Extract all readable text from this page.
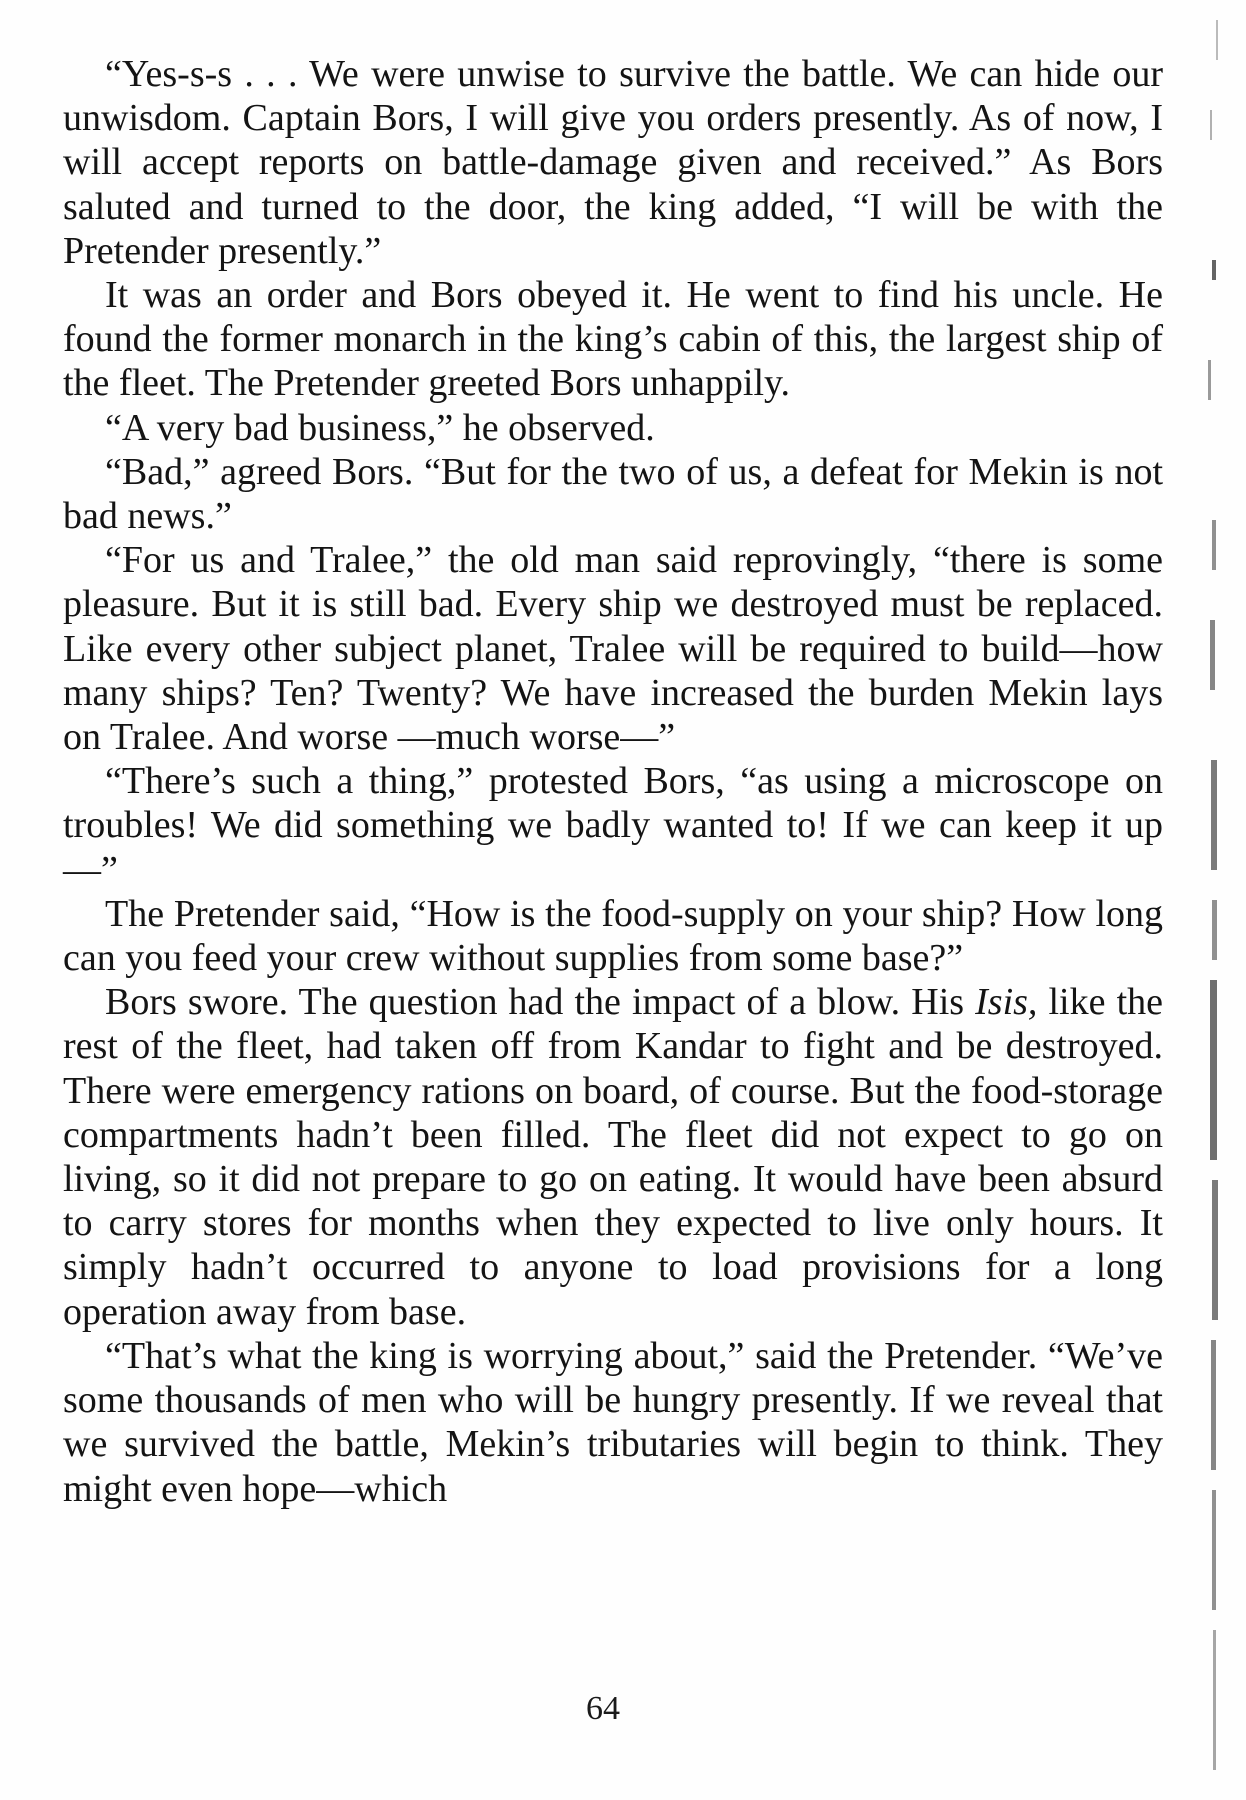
“Yes-s-s . . . We were unwise to survive the battle. We can hide our unwisdom. Captain Bors, I will give you orders presently. As of now, I will accept reports on battle-damage given and received.” As Bors saluted and turned to the door, the king added, “I will be with the Pretender presently.”

It was an order and Bors obeyed it. He went to find his uncle. He found the former monarch in the king’s cabin of this, the largest ship of the fleet. The Pretender greeted Bors unhappily.

“A very bad business,” he observed.

“Bad,” agreed Bors. “But for the two of us, a defeat for Mekin is not bad news.”

“For us and Tralee,” the old man said reprovingly, “there is some pleasure. But it is still bad. Every ship we destroyed must be replaced. Like every other subject planet, Tralee will be required to build—how many ships? Ten? Twenty? We have increased the burden Mekin lays on Tralee. And worse —much worse—”

“There’s such a thing,” protested Bors, “as using a microscope on troubles! We did something we badly wanted to! If we can keep it up—”

The Pretender said, “How is the food-supply on your ship? How long can you feed your crew without supplies from some base?”

Bors swore. The question had the impact of a blow. His Isis, like the rest of the fleet, had taken off from Kandar to fight and be destroyed. There were emergency rations on board, of course. But the food-storage compartments hadn’t been filled. The fleet did not expect to go on living, so it did not prepare to go on eating. It would have been absurd to carry stores for months when they expected to live only hours. It simply hadn’t occurred to anyone to load provisions for a long operation away from base.

“That’s what the king is worrying about,” said the Pretender. “We’ve some thousands of men who will be hungry presently. If we reveal that we survived the battle, Mekin’s tributaries will begin to think. They might even hope—which

64
